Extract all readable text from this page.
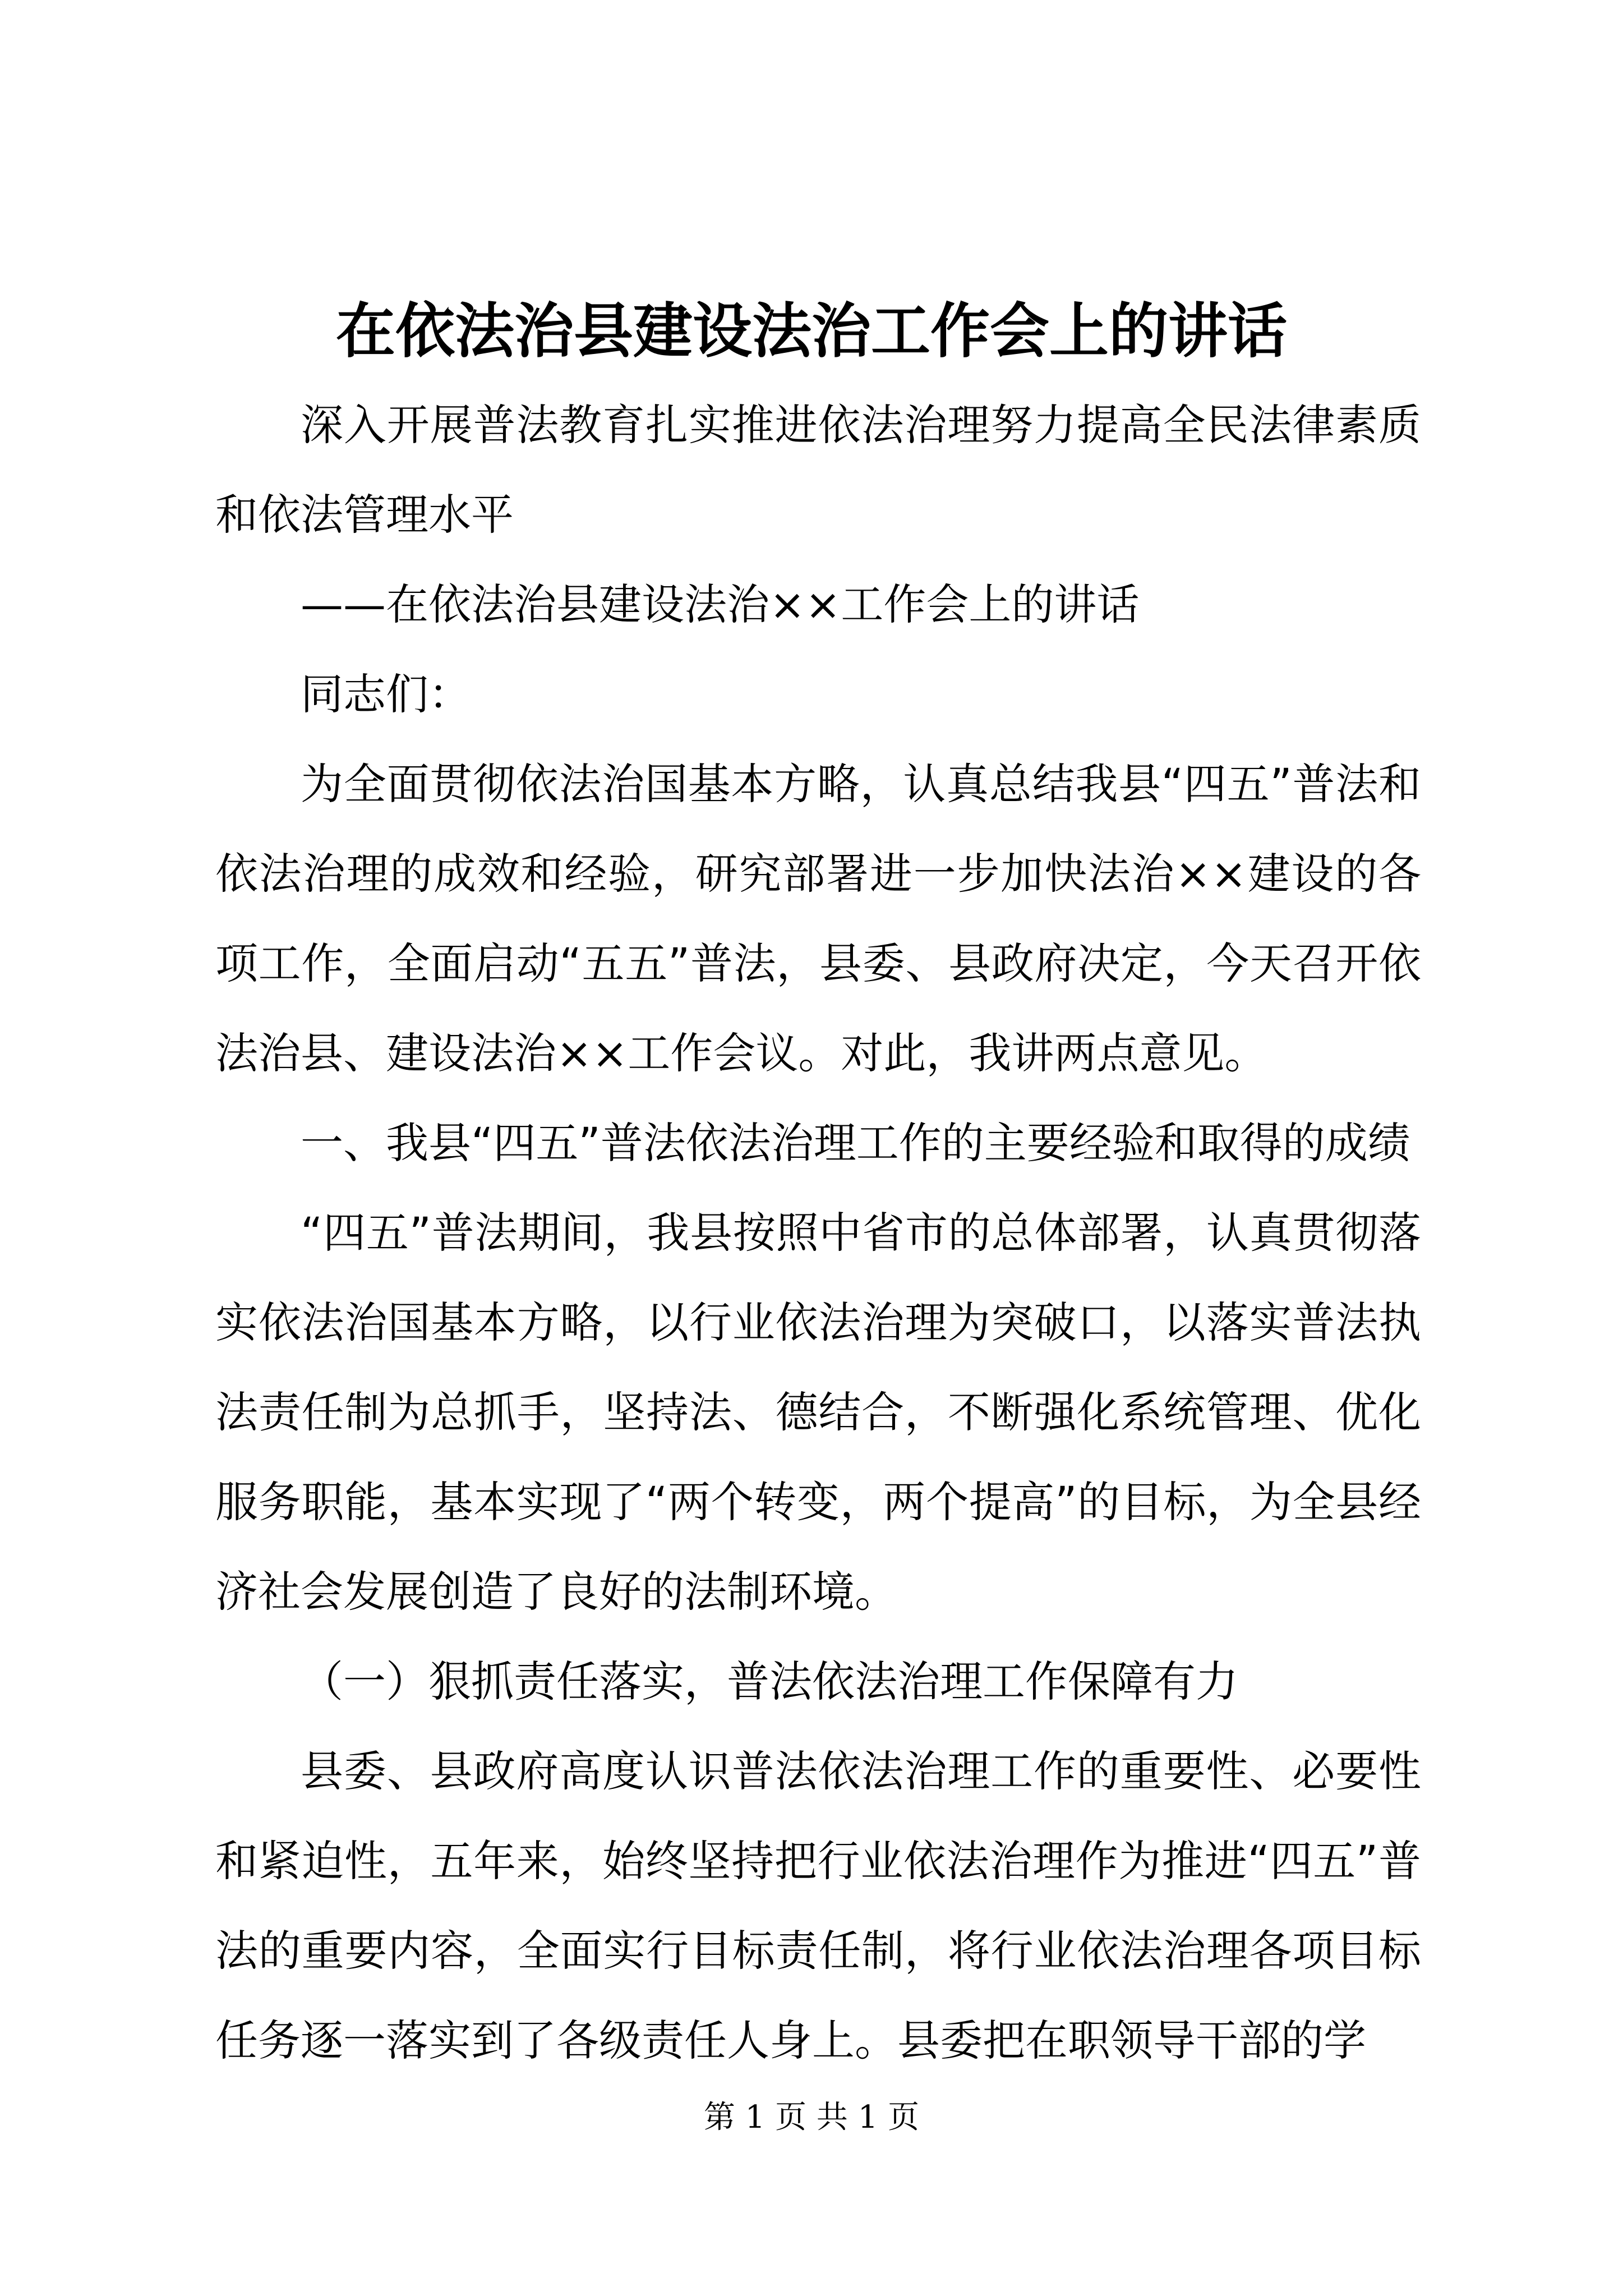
在依法治县建设法治工作会上的讲话

深入开展普法教育扎实推进依法治理努力提高全民法律素质和依法管理水平

——在依法治县建设法治××工作会上的讲话

同志们：

为全面贯彻依法治国基本方略，认真总结我县“四五”普法和依法治理的成效和经验，研究部署进一步加快法治××建设的各项工作，全面启动“五五”普法，县委、县政府决定，今天召开依法治县、建设法治××工作会议。对此，我讲两点意见。

一、我县“四五”普法依法治理工作的主要经验和取得的成绩

“四五”普法期间，我县按照中省市的总体部署，认真贯彻落实依法治国基本方略，以行业依法治理为突破口，以落实普法执法责任制为总抓手，坚持法、德结合，不断强化系统管理、优化服务职能，基本实现了“两个转变，两个提高”的目标，为全县经济社会发展创造了良好的法制环境。

（一）狠抓责任落实，普法依法治理工作保障有力

县委、县政府高度认识普法依法治理工作的重要性、必要性和紧迫性，五年来，始终坚持把行业依法治理作为推进“四五”普法的重要内容，全面实行目标责任制，将行业依法治理各项目标任务逐一落实到了各级责任人身上。县委把在职领导干部的学

第 1 页 共 1 页
